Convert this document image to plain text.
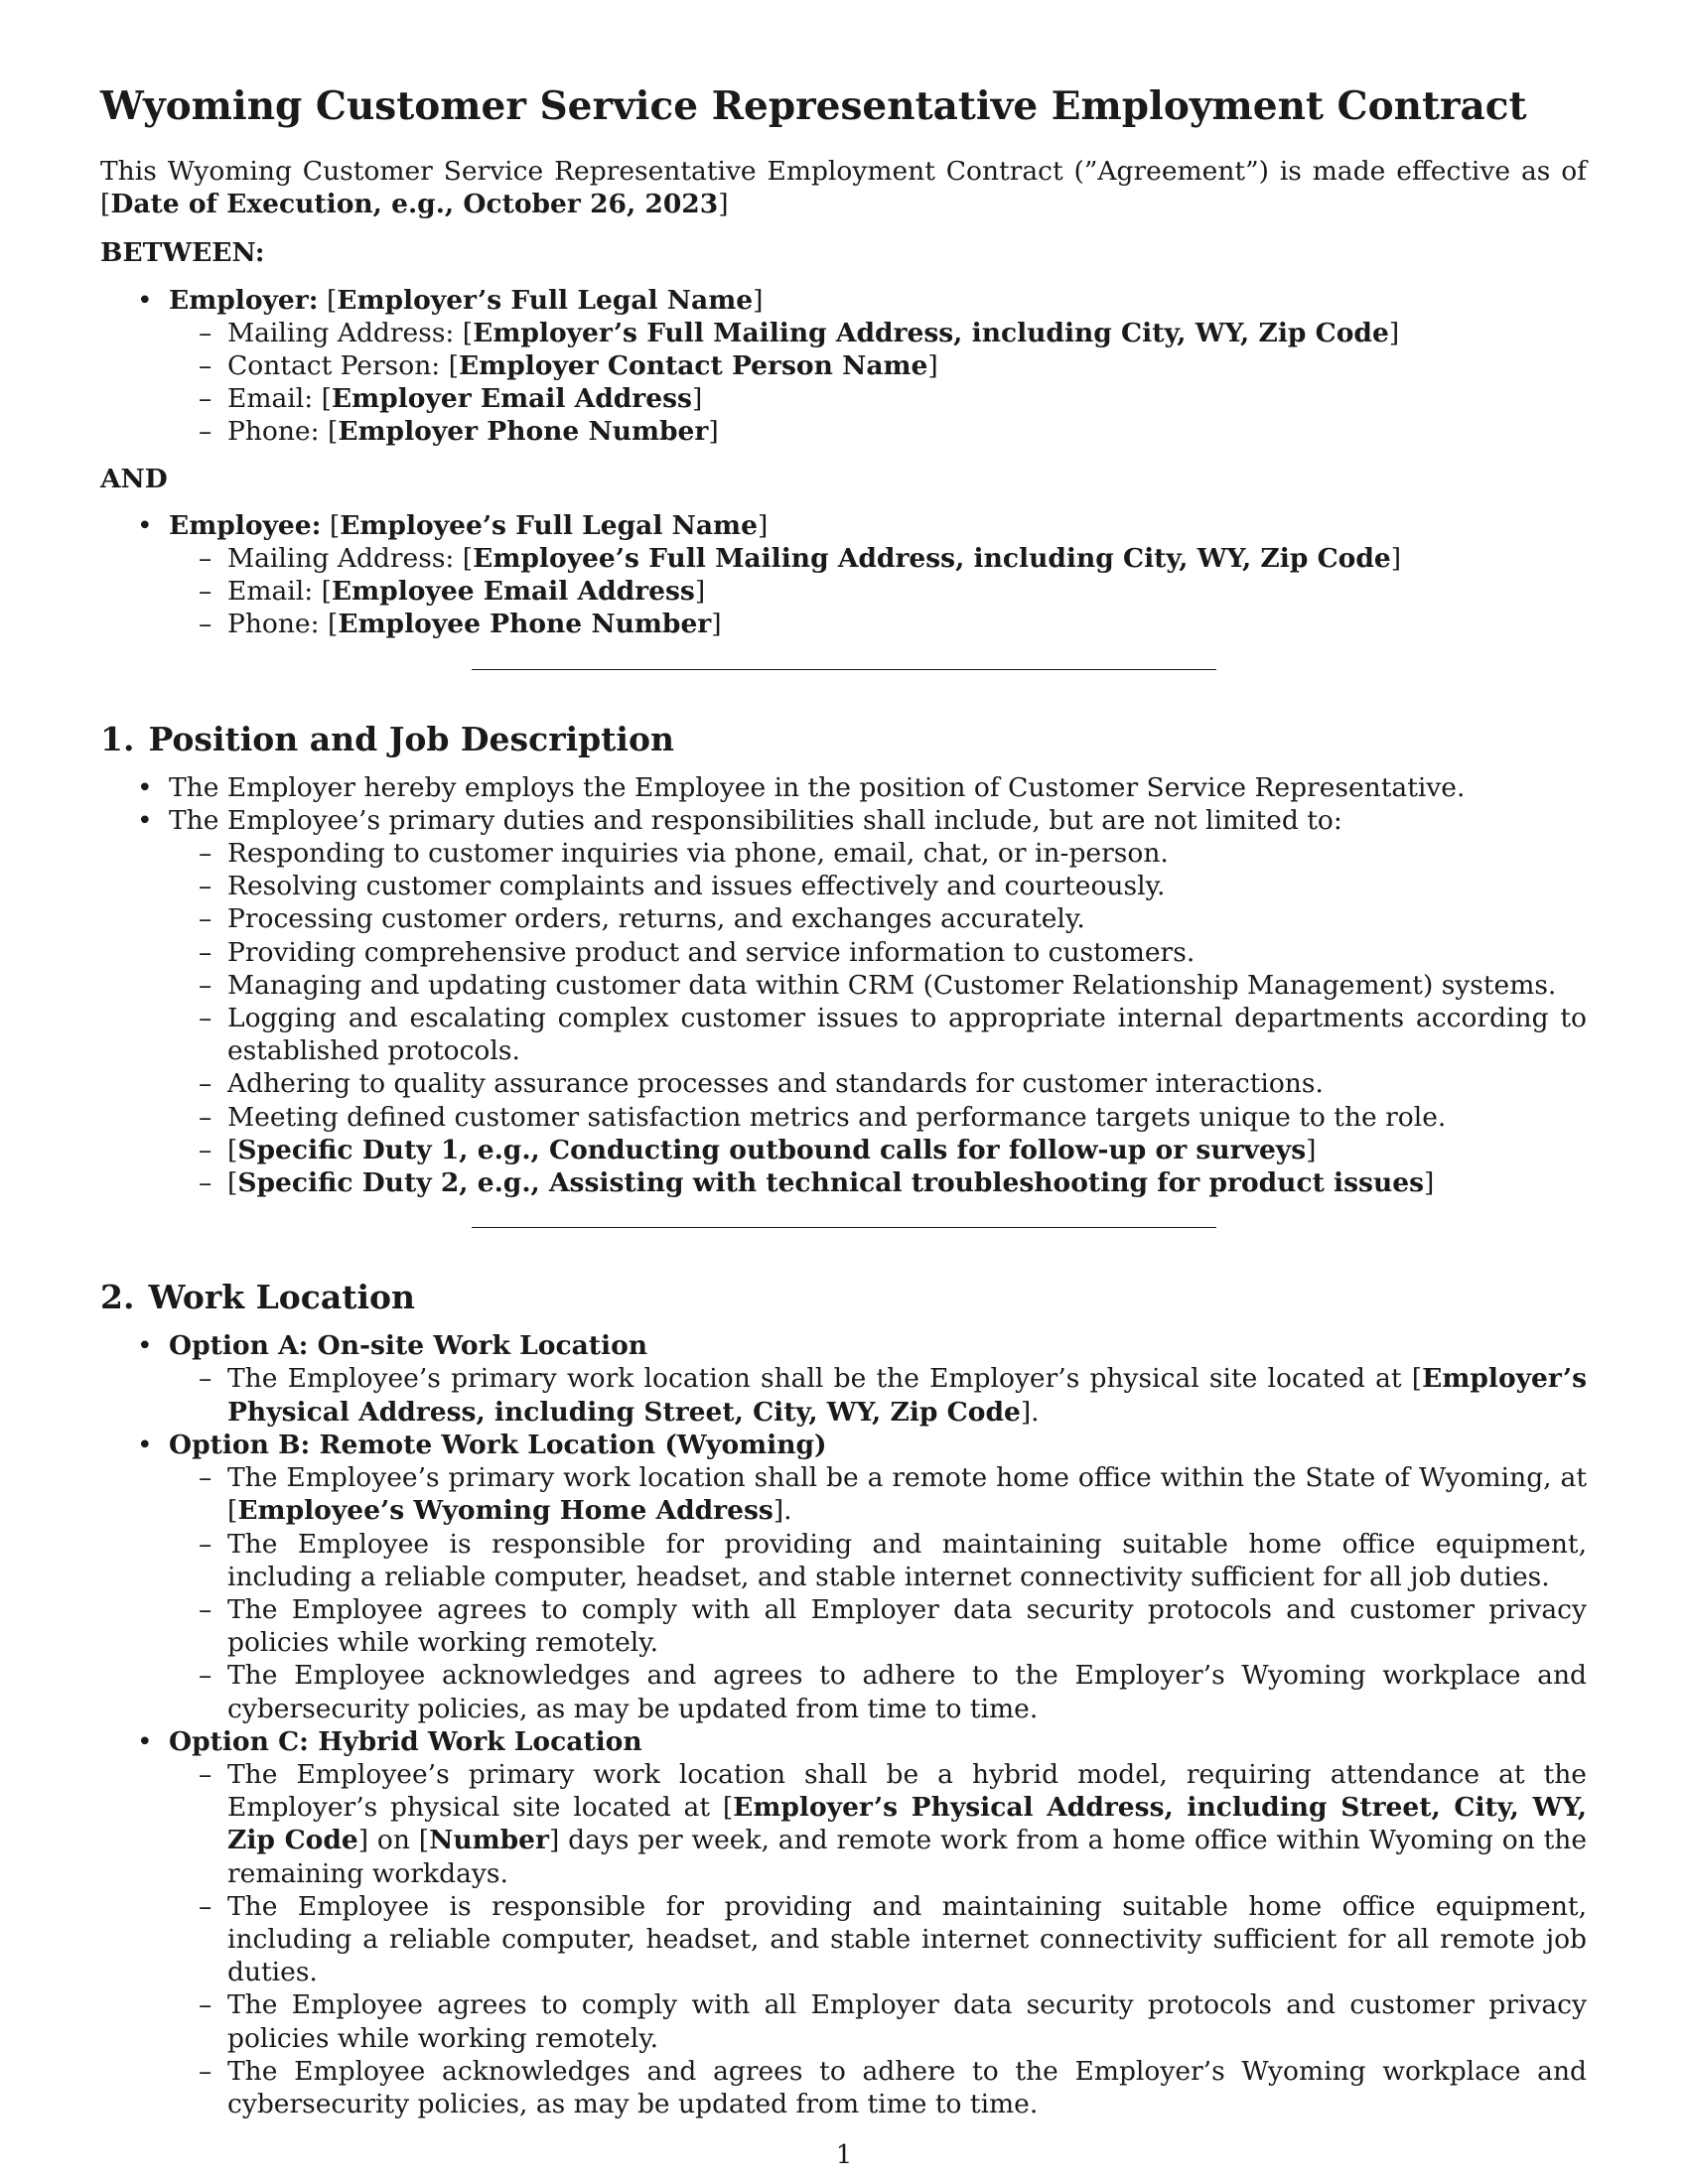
Wyoming Customer Service Representative Employment Contract

This Wyoming Customer Service Representative Employment Contract (”Agreement”) is made effective as of [Date of Execution, e.g., October 26, 2023]

BETWEEN:

• Employer: [Employer’s Full Legal Name]
– Mailing Address: [Employer’s Full Mailing Address, including City, WY, Zip Code]
– Contact Person: [Employer Contact Person Name]
– Email: [Employer Email Address]
– Phone: [Employer Phone Number]

AND

• Employee: [Employee’s Full Legal Name]
– Mailing Address: [Employee’s Full Mailing Address, including City, WY, Zip Code]
– Email: [Employee Email Address]
– Phone: [Employee Phone Number]
1. Position and Job Description
• The Employer hereby employs the Employee in the position of Customer Service Representative.
• The Employee’s primary duties and responsibilities shall include, but are not limited to:
– Responding to customer inquiries via phone, email, chat, or in-person.
– Resolving customer complaints and issues effectively and courteously.
– Processing customer orders, returns, and exchanges accurately.
– Providing comprehensive product and service information to customers.
– Managing and updating customer data within CRM (Customer Relationship Management) systems.
– Logging and escalating complex customer issues to appropriate internal departments according to established protocols.
– Adhering to quality assurance processes and standards for customer interactions.
– Meeting defined customer satisfaction metrics and performance targets unique to the role.
– [Specific Duty 1, e.g., Conducting outbound calls for follow-up or surveys]
– [Specific Duty 2, e.g., Assisting with technical troubleshooting for product issues]
2. Work Location
• Option A: On-site Work Location
– The Employee’s primary work location shall be the Employer’s physical site located at [Employer’s Physical Address, including Street, City, WY, Zip Code].
• Option B: Remote Work Location (Wyoming)
– The Employee’s primary work location shall be a remote home office within the State of Wyoming, at [Employee’s Wyoming Home Address].
– The Employee is responsible for providing and maintaining suitable home office equipment, including a reliable computer, headset, and stable internet connectivity sufficient for all job duties.
– The Employee agrees to comply with all Employer data security protocols and customer privacy policies while working remotely.
– The Employee acknowledges and agrees to adhere to the Employer’s Wyoming workplace and cybersecurity policies, as may be updated from time to time.
• Option C: Hybrid Work Location
– The Employee’s primary work location shall be a hybrid model, requiring attendance at the Employer’s physical site located at [Employer’s Physical Address, including Street, City, WY, Zip Code] on [Number] days per week, and remote work from a home office within Wyoming on the remaining workdays.
– The Employee is responsible for providing and maintaining suitable home office equipment, including a reliable computer, headset, and stable internet connectivity sufficient for all remote job duties.
– The Employee agrees to comply with all Employer data security protocols and customer privacy policies while working remotely.
– The Employee acknowledges and agrees to adhere to the Employer’s Wyoming workplace and cybersecurity policies, as may be updated from time to time.
1
